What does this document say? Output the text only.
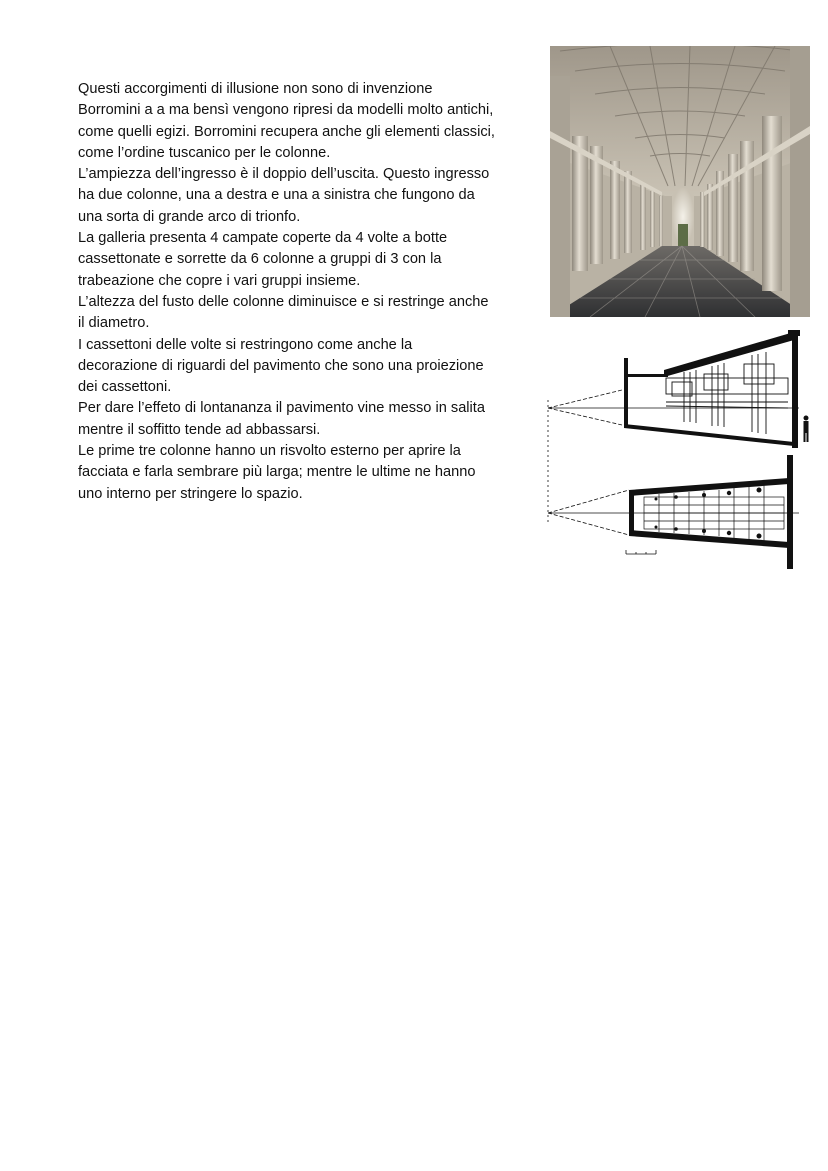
Questi accorgimenti di illusione non sono di invenzione
Borromini a a ma bensì vengono ripresi da modelli molto antichi,
come quelli egizi. Borromini recupera anche gli elementi classici,
come l’ordine tuscanico per le colonne.
L’ampiezza dell’ingresso è il doppio dell’uscita. Questo ingresso
ha due colonne, una a destra e una a sinistra che fungono da
una sorta di grande arco di trionfo.
La galleria presenta 4 campate coperte da 4 volte a botte
cassettonate e sorrette da 6 colonne a gruppi di 3 con la
trabeazione che copre i vari gruppi insieme.
L’altezza del fusto delle colonne diminuisce e si restringe anche
il diametro.
I cassettoni delle volte si restringono come anche la
decorazione di riguardi del pavimento che sono una proiezione
dei cassettoni.
Per dare l’effeto di lontananza il pavimento vine messo in salita
mentre il soffitto tende ad abbassarsi.
Le prime tre colonne hanno un risvolto esterno per aprire la
facciata e farla sembrare più larga; mentre le ultime ne hanno
uno interno per stringere lo spazio.
